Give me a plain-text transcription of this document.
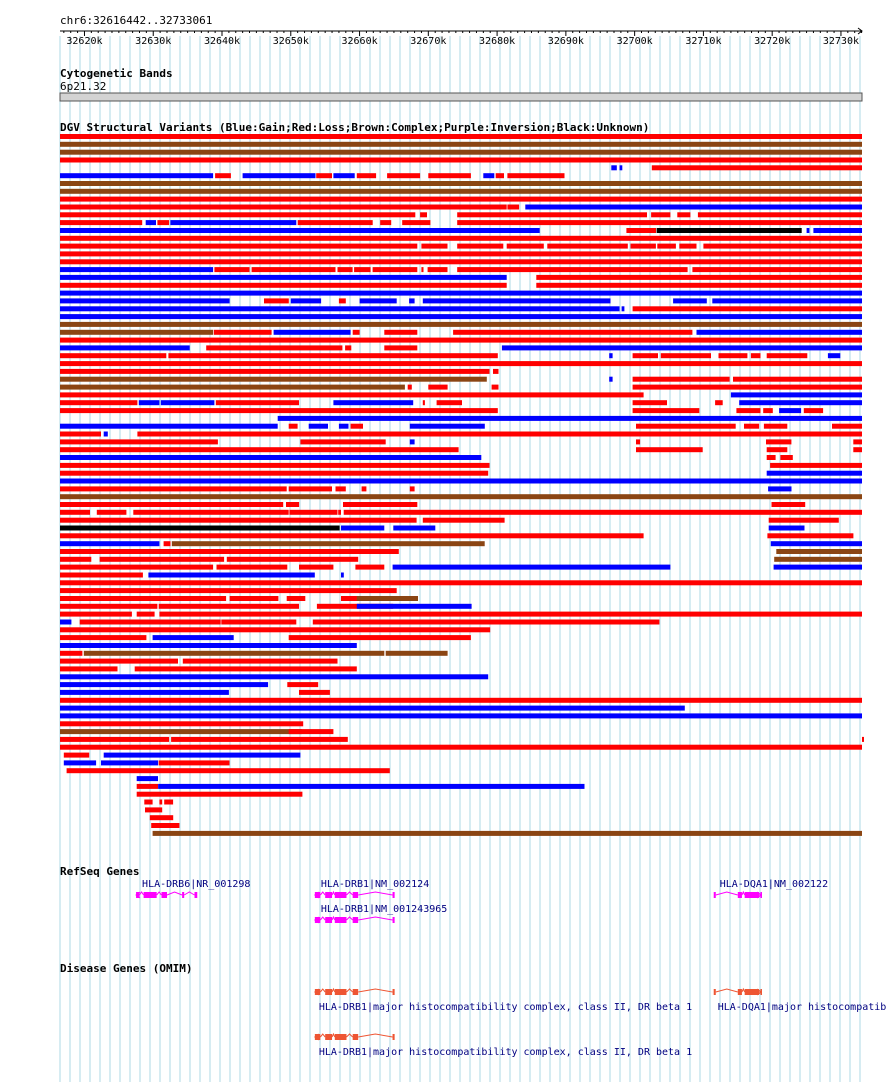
chr6:32616442..32733061
32620k	32630k	32640k	32650k	32660k	32670k	32680k	32690k	32700k	32710k	32720k	32730k
Cytogenetic Bands
6p21.32
DGV Structural Variants (Blue:Gain;Red:Loss;Brown:Complex;Purple:Inversion;Black:Unknown)
RefSeq Genes
HLA-DRB6|NR_001298	HLA-DRB1|NM_002124
HLA-DRB1|NM_001243965
HLA-DQA1|NM_002122
Disease Genes (OMIM)
HLA-DRB1|major histocompatibility complex, class II, DR beta 1	HLA-DQA1|major histocompatib
HLA-DRB1|major histocompatibility complex, class II, DR beta 1
